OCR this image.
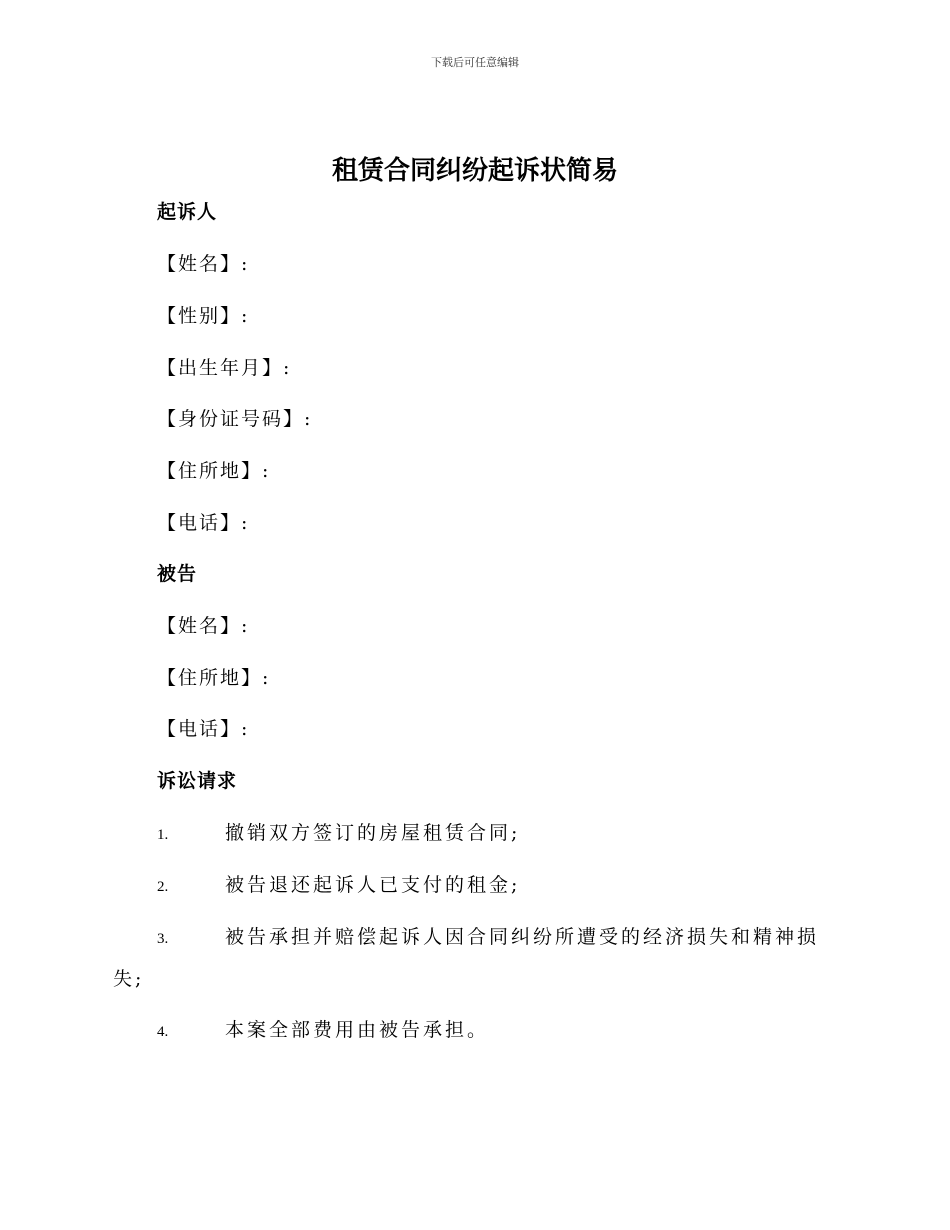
下载后可任意编辑
租赁合同纠纷起诉状简易
起诉人
【姓名】:
【性别】:
【出生年月】:
【身份证号码】:
【住所地】:
【电话】:
被告
【姓名】:
【住所地】:
【电话】:
诉讼请求
1.	撤销双方签订的房屋租赁合同;
2.	被告退还起诉人已支付的租金;
3.	被告承担并赔偿起诉人因合同纠纷所遭受的经济损失和精神损
失;
4.	本案全部费用由被告承担。
